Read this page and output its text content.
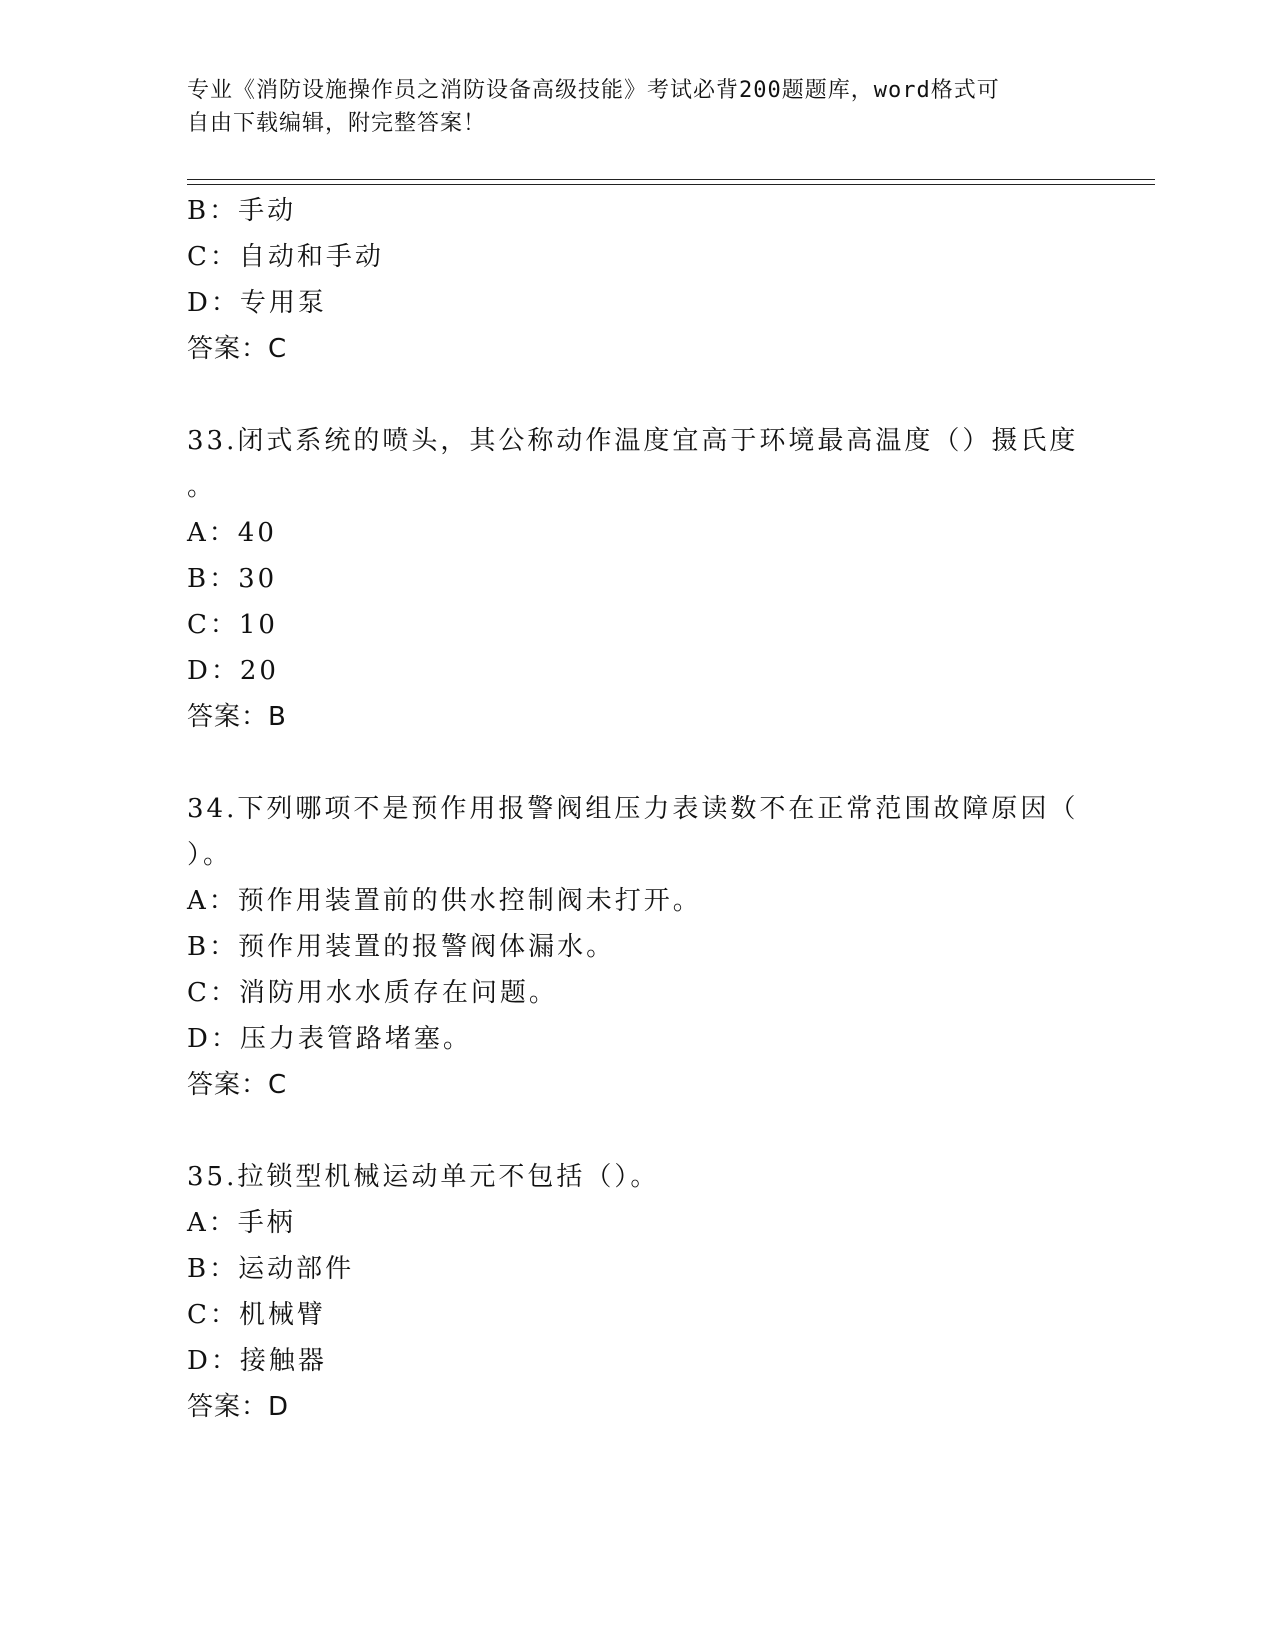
专业《消防设施操作员之消防设备高级技能》考试必背200题题库，word格式可
自由下载编辑，附完整答案！
B：手动
C：自动和手动
D：专用泵
答案：C
33.闭式系统的喷头，其公称动作温度宜高于环境最高温度（）摄氏度
。
A：40
B：30
C：10
D：20
答案：B
34.下列哪项不是预作用报警阀组压力表读数不在正常范围故障原因（
）。
A：预作用装置前的供水控制阀未打开。
B：预作用装置的报警阀体漏水。
C：消防用水水质存在问题。
D：压力表管路堵塞。
答案：C
35.拉锁型机械运动单元不包括（）。
A：手柄
B：运动部件
C：机械臂
D：接触器
答案：D
